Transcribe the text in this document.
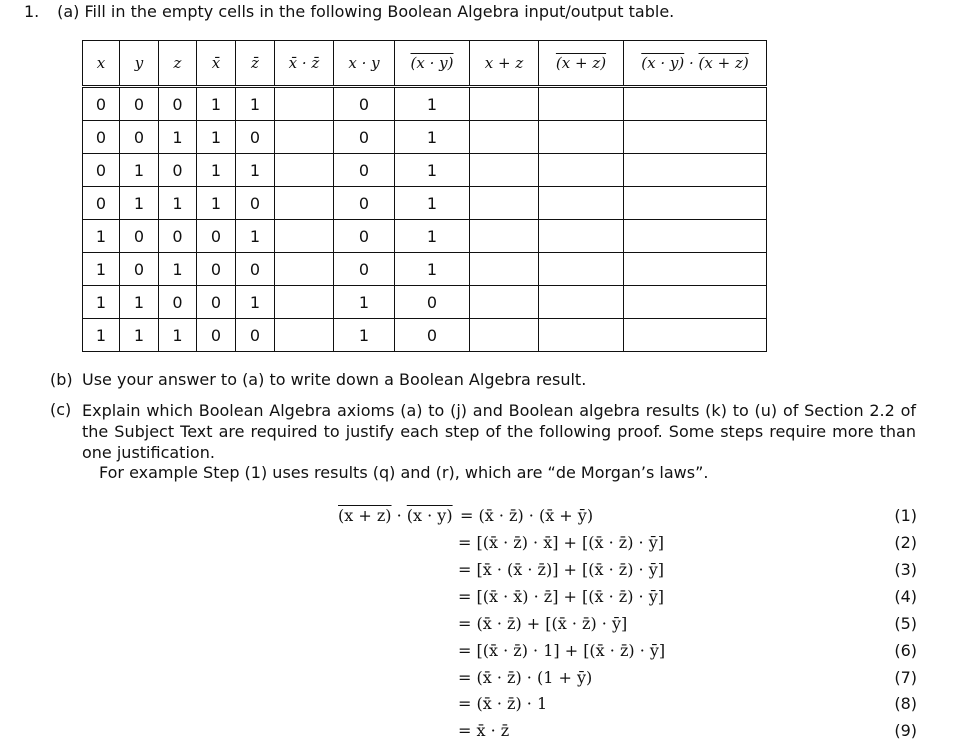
1. (a) Fill in the empty cells in the following Boolean Algebra input/output table.
x	y	z	x̄	z̄	x̄ · z̄	x · y	(x · y)	x + z	(x + z)	(x · y) · (x + z)
0	0	0	1	1		0	1			
0	0	1	1	0		0	1			
0	1	0	1	1		0	1			
0	1	1	1	0		0	1			
1	0	0	0	1		0	1			
1	0	1	0	0		0	1			
1	1	0	0	1		1	0			
1	1	1	0	0		1	0			
(b) Use your answer to (a) to write down a Boolean Algebra result.
(c) Explain which Boolean Algebra axioms (a) to (j) and Boolean algebra results (k) to (u) of Section 2.2 of the Subject Text are required to justify each step of the following proof. Some steps require more than one justification.
For example Step (1) uses results (q) and (r), which are “de Morgan’s laws”.
(x + z) · (x · y) = (x̄ · z̄) · (x̄ + ȳ)	(1)
= [(x̄ · z̄) · x̄] + [(x̄ · z̄) · ȳ]	(2)
= [x̄ · (x̄ · z̄)] + [(x̄ · z̄) · ȳ]	(3)
= [(x̄ · x̄) · z̄] + [(x̄ · z̄) · ȳ]	(4)
= (x̄ · z̄) + [(x̄ · z̄) · ȳ]	(5)
= [(x̄ · z̄) · 1] + [(x̄ · z̄) · ȳ]	(6)
= (x̄ · z̄) · (1 + ȳ)	(7)
= (x̄ · z̄) · 1	(8)
= x̄ · z̄	(9)
